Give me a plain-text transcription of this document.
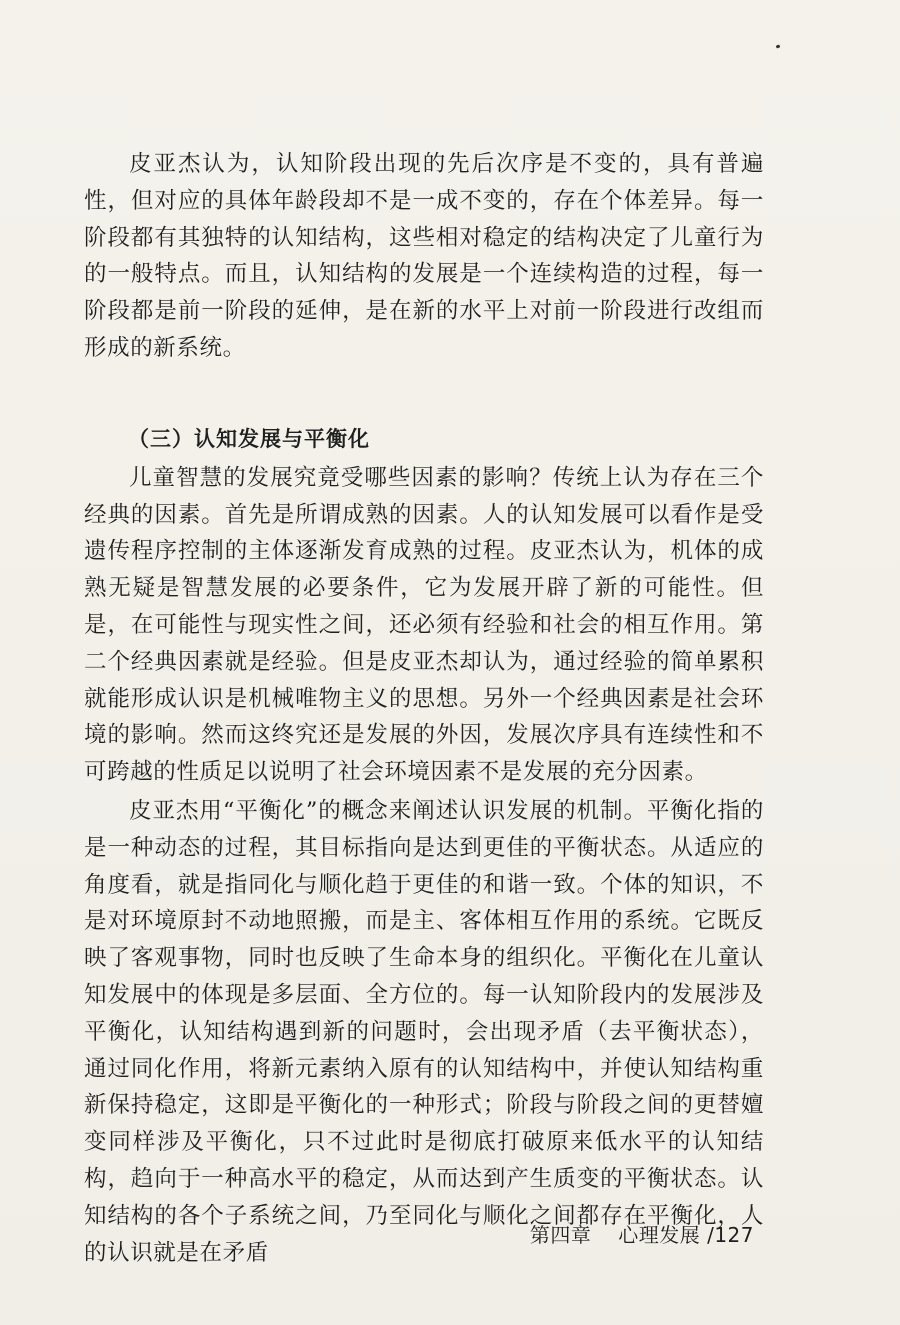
皮亚杰认为，认知阶段出现的先后次序是不变的，具有普遍性，但对应的具体年龄段却不是一成不变的，存在个体差异。每一阶段都有其独特的认知结构，这些相对稳定的结构决定了儿童行为的一般特点。而且，认知结构的发展是一个连续构造的过程，每一阶段都是前一阶段的延伸，是在新的水平上对前一阶段进行改组而形成的新系统。

（三）认知发展与平衡化

儿童智慧的发展究竟受哪些因素的影响？传统上认为存在三个经典的因素。首先是所谓成熟的因素。人的认知发展可以看作是受遗传程序控制的主体逐渐发育成熟的过程。皮亚杰认为，机体的成熟无疑是智慧发展的必要条件，它为发展开辟了新的可能性。但是，在可能性与现实性之间，还必须有经验和社会的相互作用。第二个经典因素就是经验。但是皮亚杰却认为，通过经验的简单累积就能形成认识是机械唯物主义的思想。另外一个经典因素是社会环境的影响。然而这终究还是发展的外因，发展次序具有连续性和不可跨越的性质足以说明了社会环境因素不是发展的充分因素。

皮亚杰用“平衡化”的概念来阐述认识发展的机制。平衡化指的是一种动态的过程，其目标指向是达到更佳的平衡状态。从适应的角度看，就是指同化与顺化趋于更佳的和谐一致。个体的知识，不是对环境原封不动地照搬，而是主、客体相互作用的系统。它既反映了客观事物，同时也反映了生命本身的组织化。平衡化在儿童认知发展中的体现是多层面、全方位的。每一认知阶段内的发展涉及平衡化，认知结构遇到新的问题时，会出现矛盾（去平衡状态），通过同化作用，将新元素纳入原有的认知结构中，并使认知结构重新保持稳定，这即是平衡化的一种形式；阶段与阶段之间的更替嬗变同样涉及平衡化，只不过此时是彻底打破原来低水平的认知结构，趋向于一种高水平的稳定，从而达到产生质变的平衡状态。认知结构的各个子系统之间，乃至同化与顺化之间都存在平衡化，人的认识就是在矛盾

第四章 心理发展 /127
